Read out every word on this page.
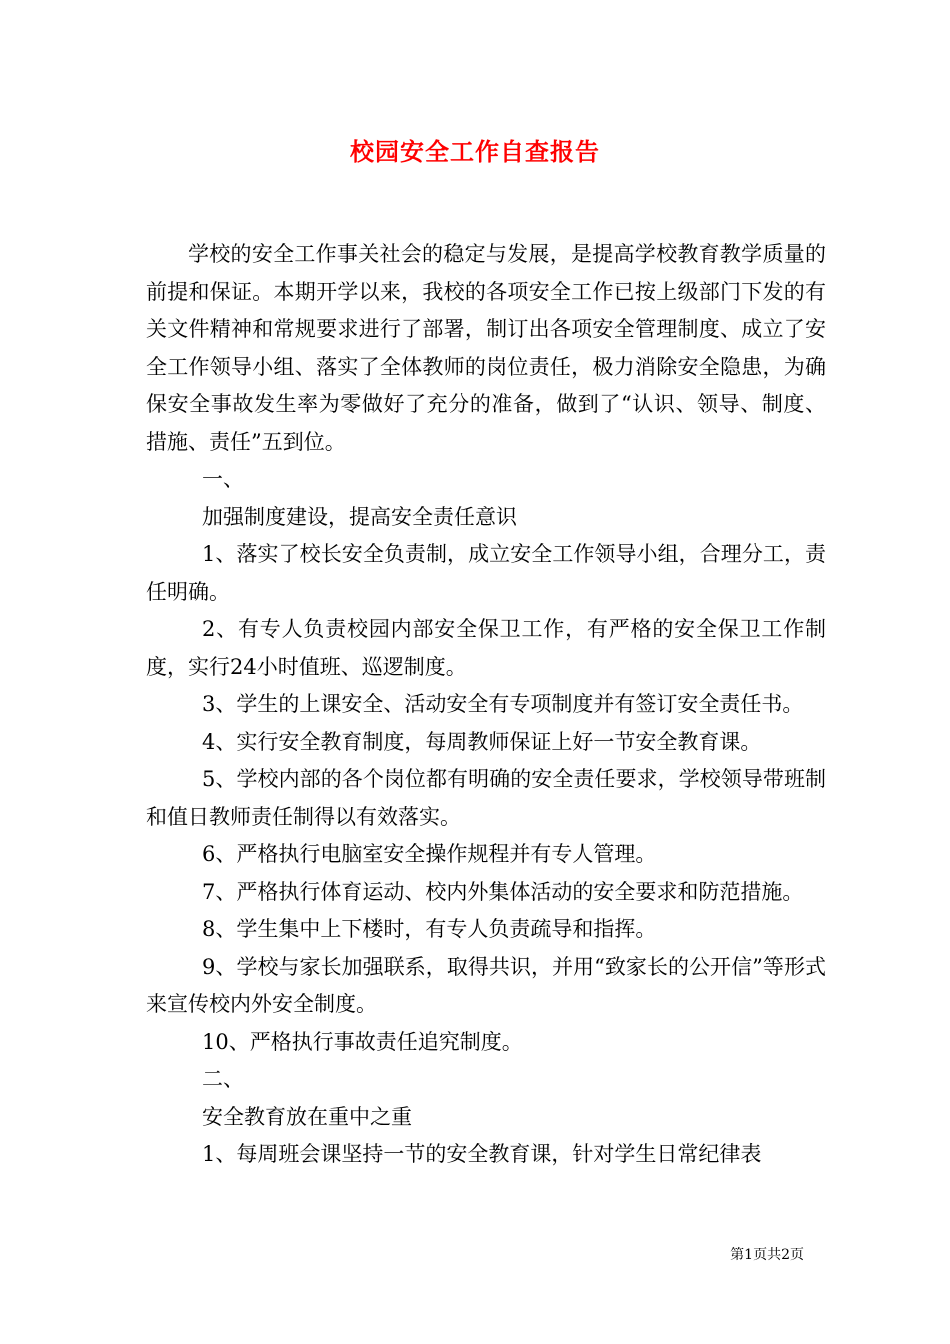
校园安全工作自查报告

学校的安全工作事关社会的稳定与发展，是提高学校教育教学质量的前提和保证。本期开学以来，我校的各项安全工作已按上级部门下发的有关文件精神和常规要求进行了部署，制订出各项安全管理制度、成立了安全工作领导小组、落实了全体教师的岗位责任，极力消除安全隐患，为确保安全事故发生率为零做好了充分的准备，做到了“认识、领导、制度、措施、责任”五到位。

一、

加强制度建设，提高安全责任意识

1、落实了校长安全负责制，成立安全工作领导小组，合理分工，责任明确。

2、有专人负责校园内部安全保卫工作，有严格的安全保卫工作制度，实行24小时值班、巡逻制度。

3、学生的上课安全、活动安全有专项制度并有签订安全责任书。

4、实行安全教育制度，每周教师保证上好一节安全教育课。

5、学校内部的各个岗位都有明确的安全责任要求，学校领导带班制和值日教师责任制得以有效落实。

6、严格执行电脑室安全操作规程并有专人管理。

7、严格执行体育运动、校内外集体活动的安全要求和防范措施。

8、学生集中上下楼时，有专人负责疏导和指挥。

9、学校与家长加强联系，取得共识，并用“致家长的公开信”等形式来宣传校内外安全制度。

10、严格执行事故责任追究制度。

二、

安全教育放在重中之重

1、每周班会课坚持一节的安全教育课，针对学生日常纪律表

第1页共2页
